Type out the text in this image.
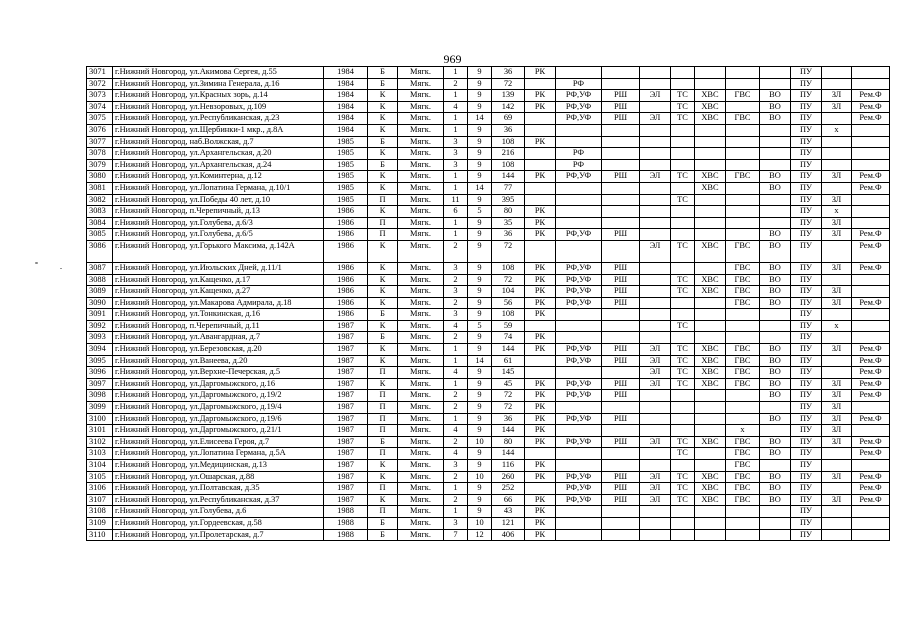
969
3071	г.Нижний Новгород, ул.Акимова Сергея, д.55	1984	Б	Мягк.	1	9	36	РК								ПУ		
3072	г.Нижний Новгород, ул.Зимина Генерала, д.16	1984	Б	Мягк.	2	9	72		РФ							ПУ		
3073	г.Нижний Новгород, ул.Красных зорь, д.14	1984	К	Мягк.	1	9	139	РК	РФ,УФ	РШ	ЭЛ	ТС	ХВС	ГВС	ВО	ПУ	ЗЛ	Рем.Ф
3074	г.Нижний Новгород, ул.Невзоровых, д.109	1984	К	Мягк.	4	9	142	РК	РФ,УФ	РШ		ТС	ХВС		ВО	ПУ	ЗЛ	Рем.Ф
3075	г.Нижний Новгород, ул.Республиканская, д.23	1984	К	Мягк.	1	14	69		РФ,УФ	РШ	ЭЛ	ТС	ХВС	ГВС	ВО	ПУ		Рем.Ф
3076	г.Нижний Новгород, ул.Щербинки-1 мкр., д.8А	1984	К	Мягк.	1	9	36									ПУ	х	
3077	г.Нижний Новгород, наб.Волжская, д.7	1985	Б	Мягк.	3	9	108	РК								ПУ		
3078	г.Нижний Новгород, ул.Архангельская, д.20	1985	К	Мягк.	3	9	216		РФ							ПУ		
3079	г.Нижний Новгород, ул.Архангельская, д.24	1985	Б	Мягк.	3	9	108		РФ							ПУ		
3080	г.Нижний Новгород, ул.Коминтерна, д.12	1985	К	Мягк.	1	9	144	РК	РФ,УФ	РШ	ЭЛ	ТС	ХВС	ГВС	ВО	ПУ	ЗЛ	Рем.Ф
3081	г.Нижний Новгород, ул.Лопатина Германа, д.10/1	1985	К	Мягк.	1	14	77						ХВС		ВО	ПУ		Рем.Ф
3082	г.Нижний Новгород, ул.Победы 40 лет, д.10	1985	П	Мягк.	11	9	395					ТС				ПУ	ЗЛ	
3083	г.Нижний Новгород, п.Черепичный, д.13	1986	К	Мягк.	6	5	80	РК								ПУ	х	
3084	г.Нижний Новгород, ул.Голубева, д.6/3	1986	П	Мягк.	1	9	35	РК								ПУ	ЗЛ	
3085	г.Нижний Новгород, ул.Голубева, д.6/5	1986	П	Мягк.	1	9	36	РК	РФ,УФ	РШ					ВО	ПУ	ЗЛ	Рем.Ф
3086	г.Нижний Новгород, ул.Горького Максима, д.142А	1986	К	Мягк.	2	9	72				ЭЛ	ТС	ХВС	ГВС	ВО	ПУ		Рем.Ф
3087	г.Нижний Новгород, ул.Июльских Дней, д.11/1	1986	К	Мягк.	3	9	108	РК	РФ,УФ	РШ				ГВС	ВО	ПУ	ЗЛ	Рем.Ф
3088	г.Нижний Новгород, ул.Кащенко, д.17	1986	К	Мягк.	2	9	72	РК	РФ,УФ	РШ		ТС	ХВС	ГВС	ВО	ПУ		
3089	г.Нижний Новгород, ул.Кащенко, д.27	1986	К	Мягк.	3	9	104	РК	РФ,УФ	РШ		ТС	ХВС	ГВС	ВО	ПУ	ЗЛ	
3090	г.Нижний Новгород, ул.Макарова Адмирала, д.18	1986	К	Мягк.	2	9	56	РК	РФ,УФ	РШ				ГВС	ВО	ПУ	ЗЛ	Рем.Ф
3091	г.Нижний Новгород, ул.Тонкинская, д.16	1986	Б	Мягк.	3	9	108	РК								ПУ		
3092	г.Нижний Новгород, п.Черепичный, д.11	1987	К	Мягк.	4	5	59					ТС				ПУ	х	
3093	г.Нижний Новгород, ул.Авангардная, д.7	1987	Б	Мягк.	2	9	74	РК								ПУ		
3094	г.Нижний Новгород, ул.Березовская, д.20	1987	К	Мягк.	1	9	144	РК	РФ,УФ	РШ	ЭЛ	ТС	ХВС	ГВС	ВО	ПУ	ЗЛ	Рем.Ф
3095	г.Нижний Новгород, ул.Ванеева, д.20	1987	К	Мягк.	1	14	61		РФ,УФ	РШ	ЭЛ	ТС	ХВС	ГВС	ВО	ПУ		Рем.Ф
3096	г.Нижний Новгород, ул.Верхне-Печерская, д.5	1987	П	Мягк.	4	9	145				ЭЛ	ТС	ХВС	ГВС	ВО	ПУ		Рем.Ф
3097	г.Нижний Новгород, ул.Даргомыжского, д.16	1987	К	Мягк.	1	9	45	РК	РФ,УФ	РШ	ЭЛ	ТС	ХВС	ГВС	ВО	ПУ	ЗЛ	Рем.Ф
3098	г.Нижний Новгород, ул.Даргомыжского, д.19/2	1987	П	Мягк.	2	9	72	РК	РФ,УФ	РШ					ВО	ПУ	ЗЛ	Рем.Ф
3099	г.Нижний Новгород, ул.Даргомыжского, д.19/4	1987	П	Мягк.	2	9	72	РК								ПУ	ЗЛ	
3100	г.Нижний Новгород, ул.Даргомыжского, д.19/6	1987	П	Мягк.	1	9	36	РК	РФ,УФ	РШ					ВО	ПУ	ЗЛ	Рем.Ф
3101	г.Нижний Новгород, ул.Даргомыжского, д.21/1	1987	П	Мягк.	4	9	144	РК						х		ПУ	ЗЛ	
3102	г.Нижний Новгород, ул.Елисеева Героя, д.7	1987	Б	Мягк.	2	10	80	РК	РФ,УФ	РШ	ЭЛ	ТС	ХВС	ГВС	ВО	ПУ	ЗЛ	Рем.Ф
3103	г.Нижний Новгород, ул.Лопатина Германа, д.5А	1987	П	Мягк.	4	9	144					ТС		ГВС	ВО	ПУ		Рем.Ф
3104	г.Нижний Новгород, ул.Медицинская, д.13	1987	К	Мягк.	3	9	116	РК						ГВС		ПУ		
3105	г.Нижний Новгород, ул.Ошарская, д.88	1987	К	Мягк.	2	10	260	РК	РФ,УФ	РШ	ЭЛ	ТС	ХВС	ГВС	ВО	ПУ	ЗЛ	Рем.Ф
3106	г.Нижний Новгород, ул.Полтавская, д.35	1987	П	Мягк.	1	9	252		РФ,УФ	РШ	ЭЛ	ТС	ХВС	ГВС	ВО	ПУ		Рем.Ф
3107	г.Нижний Новгород, ул.Республиканская, д.37	1987	К	Мягк.	2	9	66	РК	РФ,УФ	РШ	ЭЛ	ТС	ХВС	ГВС	ВО	ПУ	ЗЛ	Рем.Ф
3108	г.Нижний Новгород, ул.Голубева, д.6	1988	П	Мягк.	1	9	43	РК								ПУ		
3109	г.Нижний Новгород, ул.Гордеевская, д.58	1988	Б	Мягк.	3	10	121	РК								ПУ		
3110	г.Нижний Новгород, ул.Пролетарская, д.7	1988	Б	Мягк.	7	12	406	РК								ПУ		
